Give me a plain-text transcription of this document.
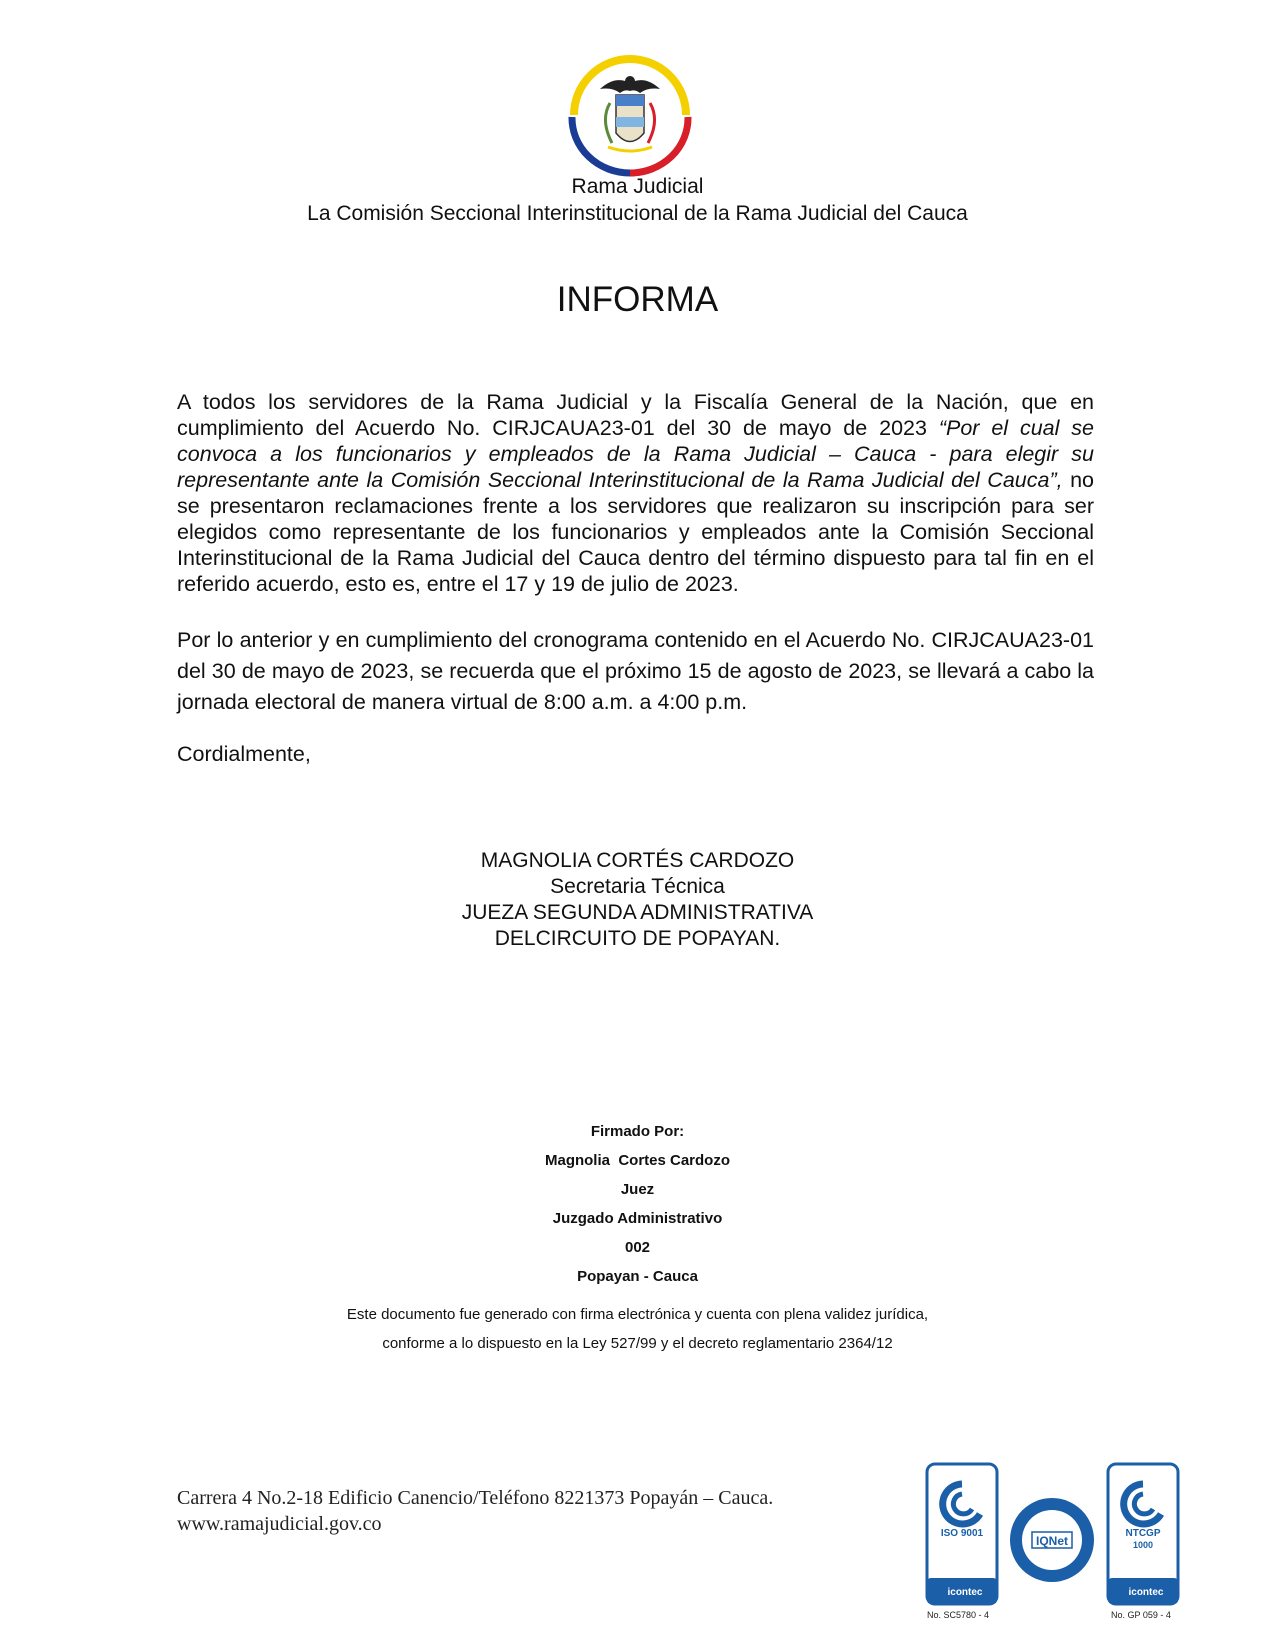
Rama Judicial
La Comisión Seccional Interinstitucional de la Rama Judicial del Cauca
INFORMA
A todos los servidores de la Rama Judicial y la Fiscalía General de la Nación, que en cumplimiento del Acuerdo No. CIRJCAUA23-01 del 30 de mayo de 2023 “Por el cual se convoca a los funcionarios y empleados de la Rama Judicial – Cauca - para elegir su representante ante la Comisión Seccional Interinstitucional de la Rama Judicial del Cauca”, no se presentaron reclamaciones frente a los servidores que realizaron su inscripción para ser elegidos como representante de los funcionarios y empleados ante la Comisión Seccional Interinstitucional de la Rama Judicial del Cauca dentro del término dispuesto para tal fin en el referido acuerdo, esto es, entre el 17 y 19 de julio de 2023.
Por lo anterior y en cumplimiento del cronograma contenido en el Acuerdo No. CIRJCAUA23-01 del 30 de mayo de 2023, se recuerda que el próximo 15 de agosto de 2023, se llevará a cabo la jornada electoral de manera virtual de 8:00 a.m. a 4:00 p.m.
Cordialmente,
MAGNOLIA CORTÉS CARDOZO
Secretaria Técnica
JUEZA SEGUNDA ADMINISTRATIVA
DELCIRCUITO DE POPAYAN.
Firmado Por:
Magnolia  Cortes Cardozo
Juez
Juzgado Administrativo
002
Popayan - Cauca
Este documento fue generado con firma electrónica y cuenta con plena validez jurídica,
conforme a lo dispuesto en la Ley 527/99 y el decreto reglamentario 2364/12
Carrera 4 No.2-18 Edificio Canencio/Teléfono 8221373 Popayán – Cauca.
www.ramajudicial.gov.co	ISO 9001
icontec
No. SC5780 - 4
IQNet
NTCGP
1000
icontec
No. GP 059 - 4
